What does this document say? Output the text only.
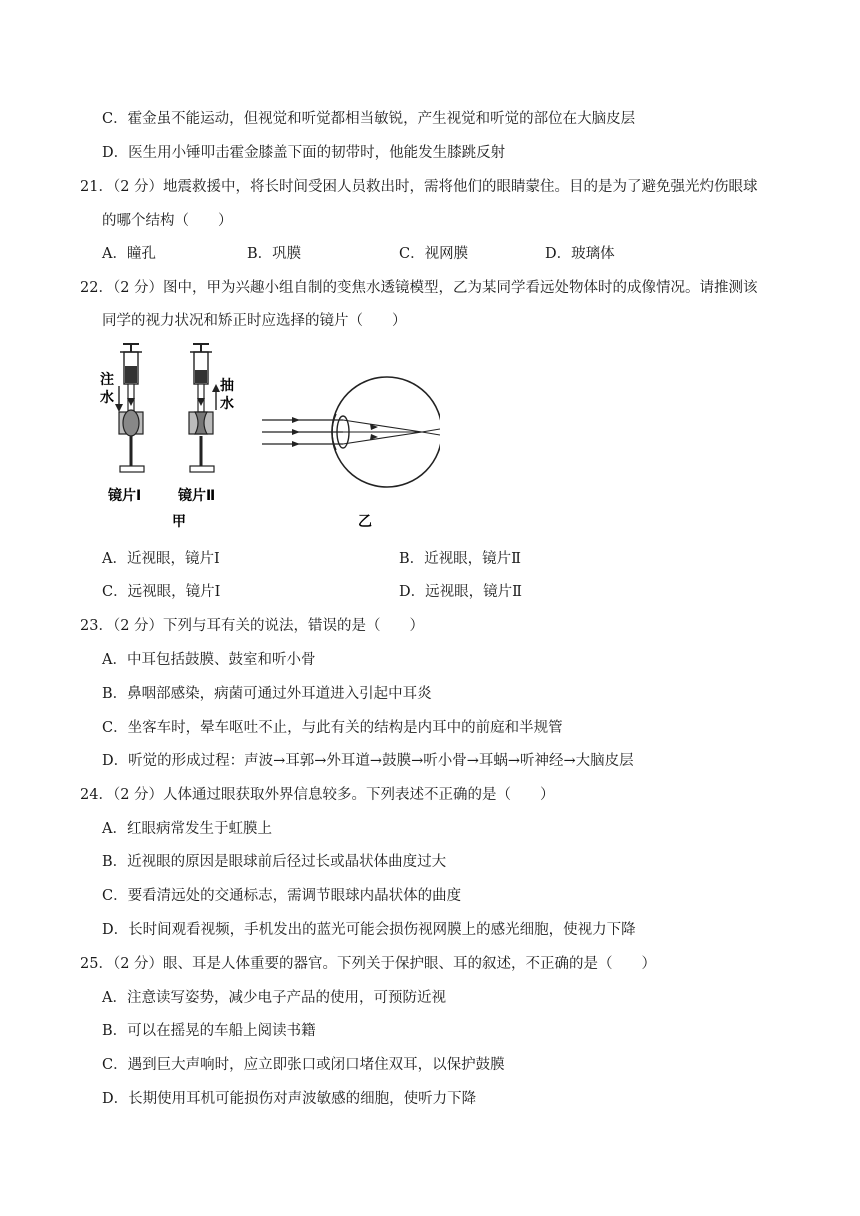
C．霍金虽不能运动，但视觉和听觉都相当敏锐，产生视觉和听觉的部位在大脑皮层
D．医生用小锤叩击霍金膝盖下面的韧带时，他能发生膝跳反射
21．（2 分）地震救援中，将长时间受困人员救出时，需将他们的眼睛蒙住。目的是为了避免强光灼伤眼球
的哪个结构（　　）
A．瞳孔	B．巩膜	C．视网膜	D．玻璃体
22．（2 分）图中，甲为兴趣小组自制的变焦水透镜模型，乙为某同学看远处物体时的成像情况。请推测该
同学的视力状况和矫正时应选择的镜片（　　）
注
水
镜片Ⅰ
抽
水
镜片Ⅱ
甲	乙
A．近视眼，镜片Ⅰ	B．近视眼，镜片Ⅱ
C．远视眼，镜片Ⅰ	D．远视眼，镜片Ⅱ
23．（2 分）下列与耳有关的说法，错误的是（　　）
A．中耳包括鼓膜、鼓室和听小骨
B．鼻咽部感染，病菌可通过外耳道进入引起中耳炎
C．坐客车时，晕车呕吐不止，与此有关的结构是内耳中的前庭和半规管
D．听觉的形成过程：声波→耳郭→外耳道→鼓膜→听小骨→耳蜗→听神经→大脑皮层
24．（2 分）人体通过眼获取外界信息较多。下列表述不正确的是（　　）
A．红眼病常发生于虹膜上
B．近视眼的原因是眼球前后径过长或晶状体曲度过大
C．要看清远处的交通标志，需调节眼球内晶状体的曲度
D．长时间观看视频，手机发出的蓝光可能会损伤视网膜上的感光细胞，使视力下降
25．（2 分）眼、耳是人体重要的器官。下列关于保护眼、耳的叙述，不正确的是（　　）
A．注意读写姿势，减少电子产品的使用，可预防近视
B．可以在摇晃的车船上阅读书籍
C．遇到巨大声响时，应立即张口或闭口堵住双耳，以保护鼓膜
D．长期使用耳机可能损伤对声波敏感的细胞，使听力下降
